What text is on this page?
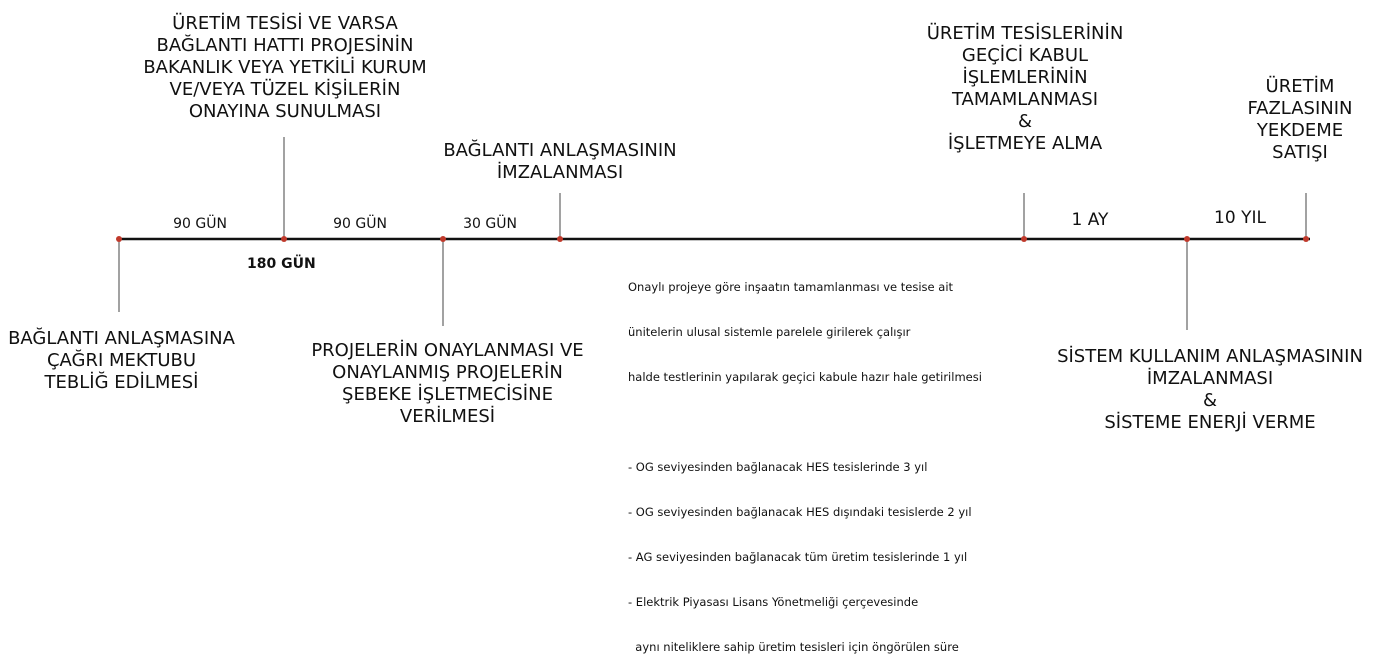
ÜRETİM TESİSİ VE VARSA
BAĞLANTI HATTI PROJESİNİN
BAKANLIK VEYA YETKİLİ KURUM
VE/VEYA TÜZEL KİŞİLERİN
ONAYINA SUNULMASI
BAĞLANTI ANLAŞMASININ
İMZALANMASI
ÜRETİM TESİSLERİNİN
GEÇİCİ KABUL
İŞLEMLERİNİN
TAMAMLANMASI
&
İŞLETMEYE ALMA
ÜRETİM
FAZLASININ
YEKDEME
SATIŞI
BAĞLANTI ANLAŞMASINA
ÇAĞRI MEKTUBU
TEBLİĞ EDİLMESİ
PROJELERİN ONAYLANMASI VE
ONAYLANMIŞ PROJELERİN
ŞEBEKE İŞLETMECİSİNE
VERİLMESİ
SİSTEM KULLANIM ANLAŞMASININ
İMZALANMASI
&
SİSTEME ENERJİ VERME
90 GÜN	90 GÜN	30 GÜN	1 AY	10 YIL
180 GÜN

Onaylı projeye göre inşaatın tamamlanması ve tesise ait

ünitelerin ulusal sistemle parelele girilerek çalışır

halde testlerinin yapılarak geçici kabule hazır hale getirilmesi

- OG seviyesinden bağlanacak HES tesislerinde 3 yıl

- OG seviyesinden bağlanacak HES dışındaki tesislerde 2 yıl

- AG seviyesinden bağlanacak tüm üretim tesislerinde 1 yıl

- Elektrik Piyasası Lisans Yönetmeliği çerçevesinde

aynı niteliklere sahip üretim tesisleri için öngörülen süre
